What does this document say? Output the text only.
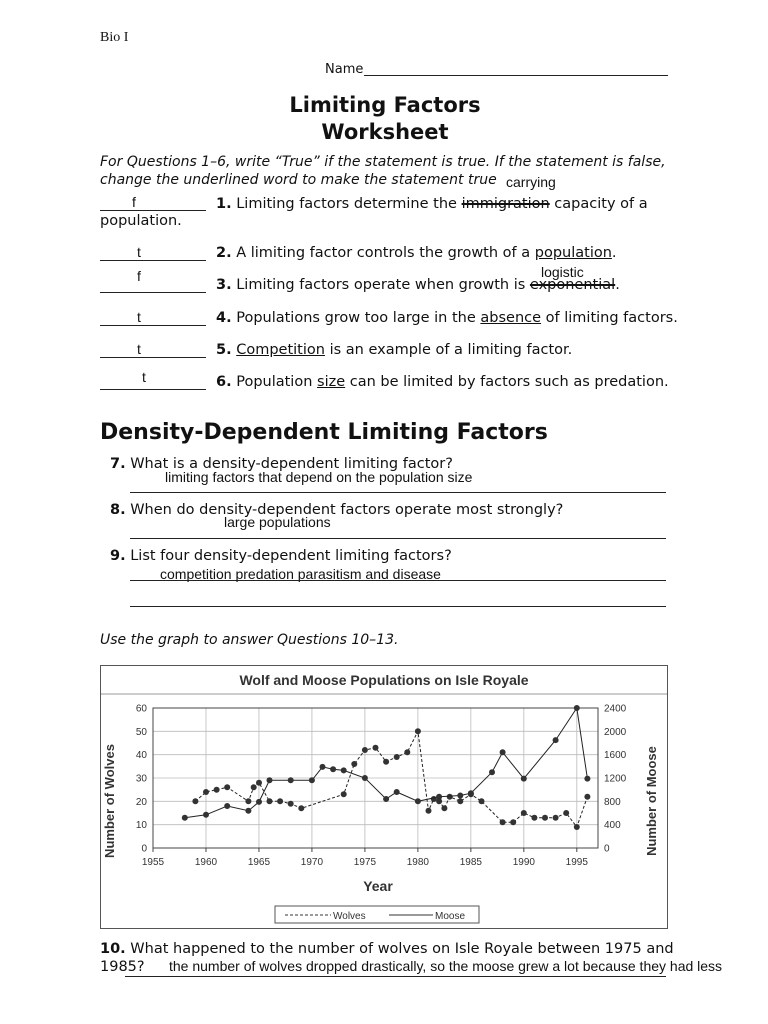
Bio I
Name
Limiting Factors
Worksheet
For Questions 1–6, write “True” if the statement is true. If the statement is false,
change the underlined word to make the statement true carrying
f	1. Limiting factors determine the immigration capacity of a
population.
t	2. A limiting factor controls the growth of a population.
logistic
f
3. Limiting factors operate when growth is exponential.
t	4. Populations grow too large in the absence of limiting factors.
t	5. Competition is an example of a limiting factor.
t	6. Population size can be limited by factors such as predation.
Density-Dependent Limiting Factors
7. What is a density-dependent limiting factor?
limiting factors that depend on the population size
8. When do density-dependent factors operate most strongly?
large populations
9. List four density-dependent limiting factors?
competition predation parasitism and disease
Use the graph to answer Questions 10–13.
Wolf and Moose Populations on Isle Royale
0
10
20
30
40
50
60
0
400
800
1200
1600
2000
2400
1955	1960	1965	1970	1975	1980	1985	1990	1995
Number of Wolves	Number of Moose
Year
Wolves	Moose
10. What happened to the number of wolves on Isle Royale between 1975 and
1985? the number of wolves dropped drastically, so the moose grew a lot because they had less
